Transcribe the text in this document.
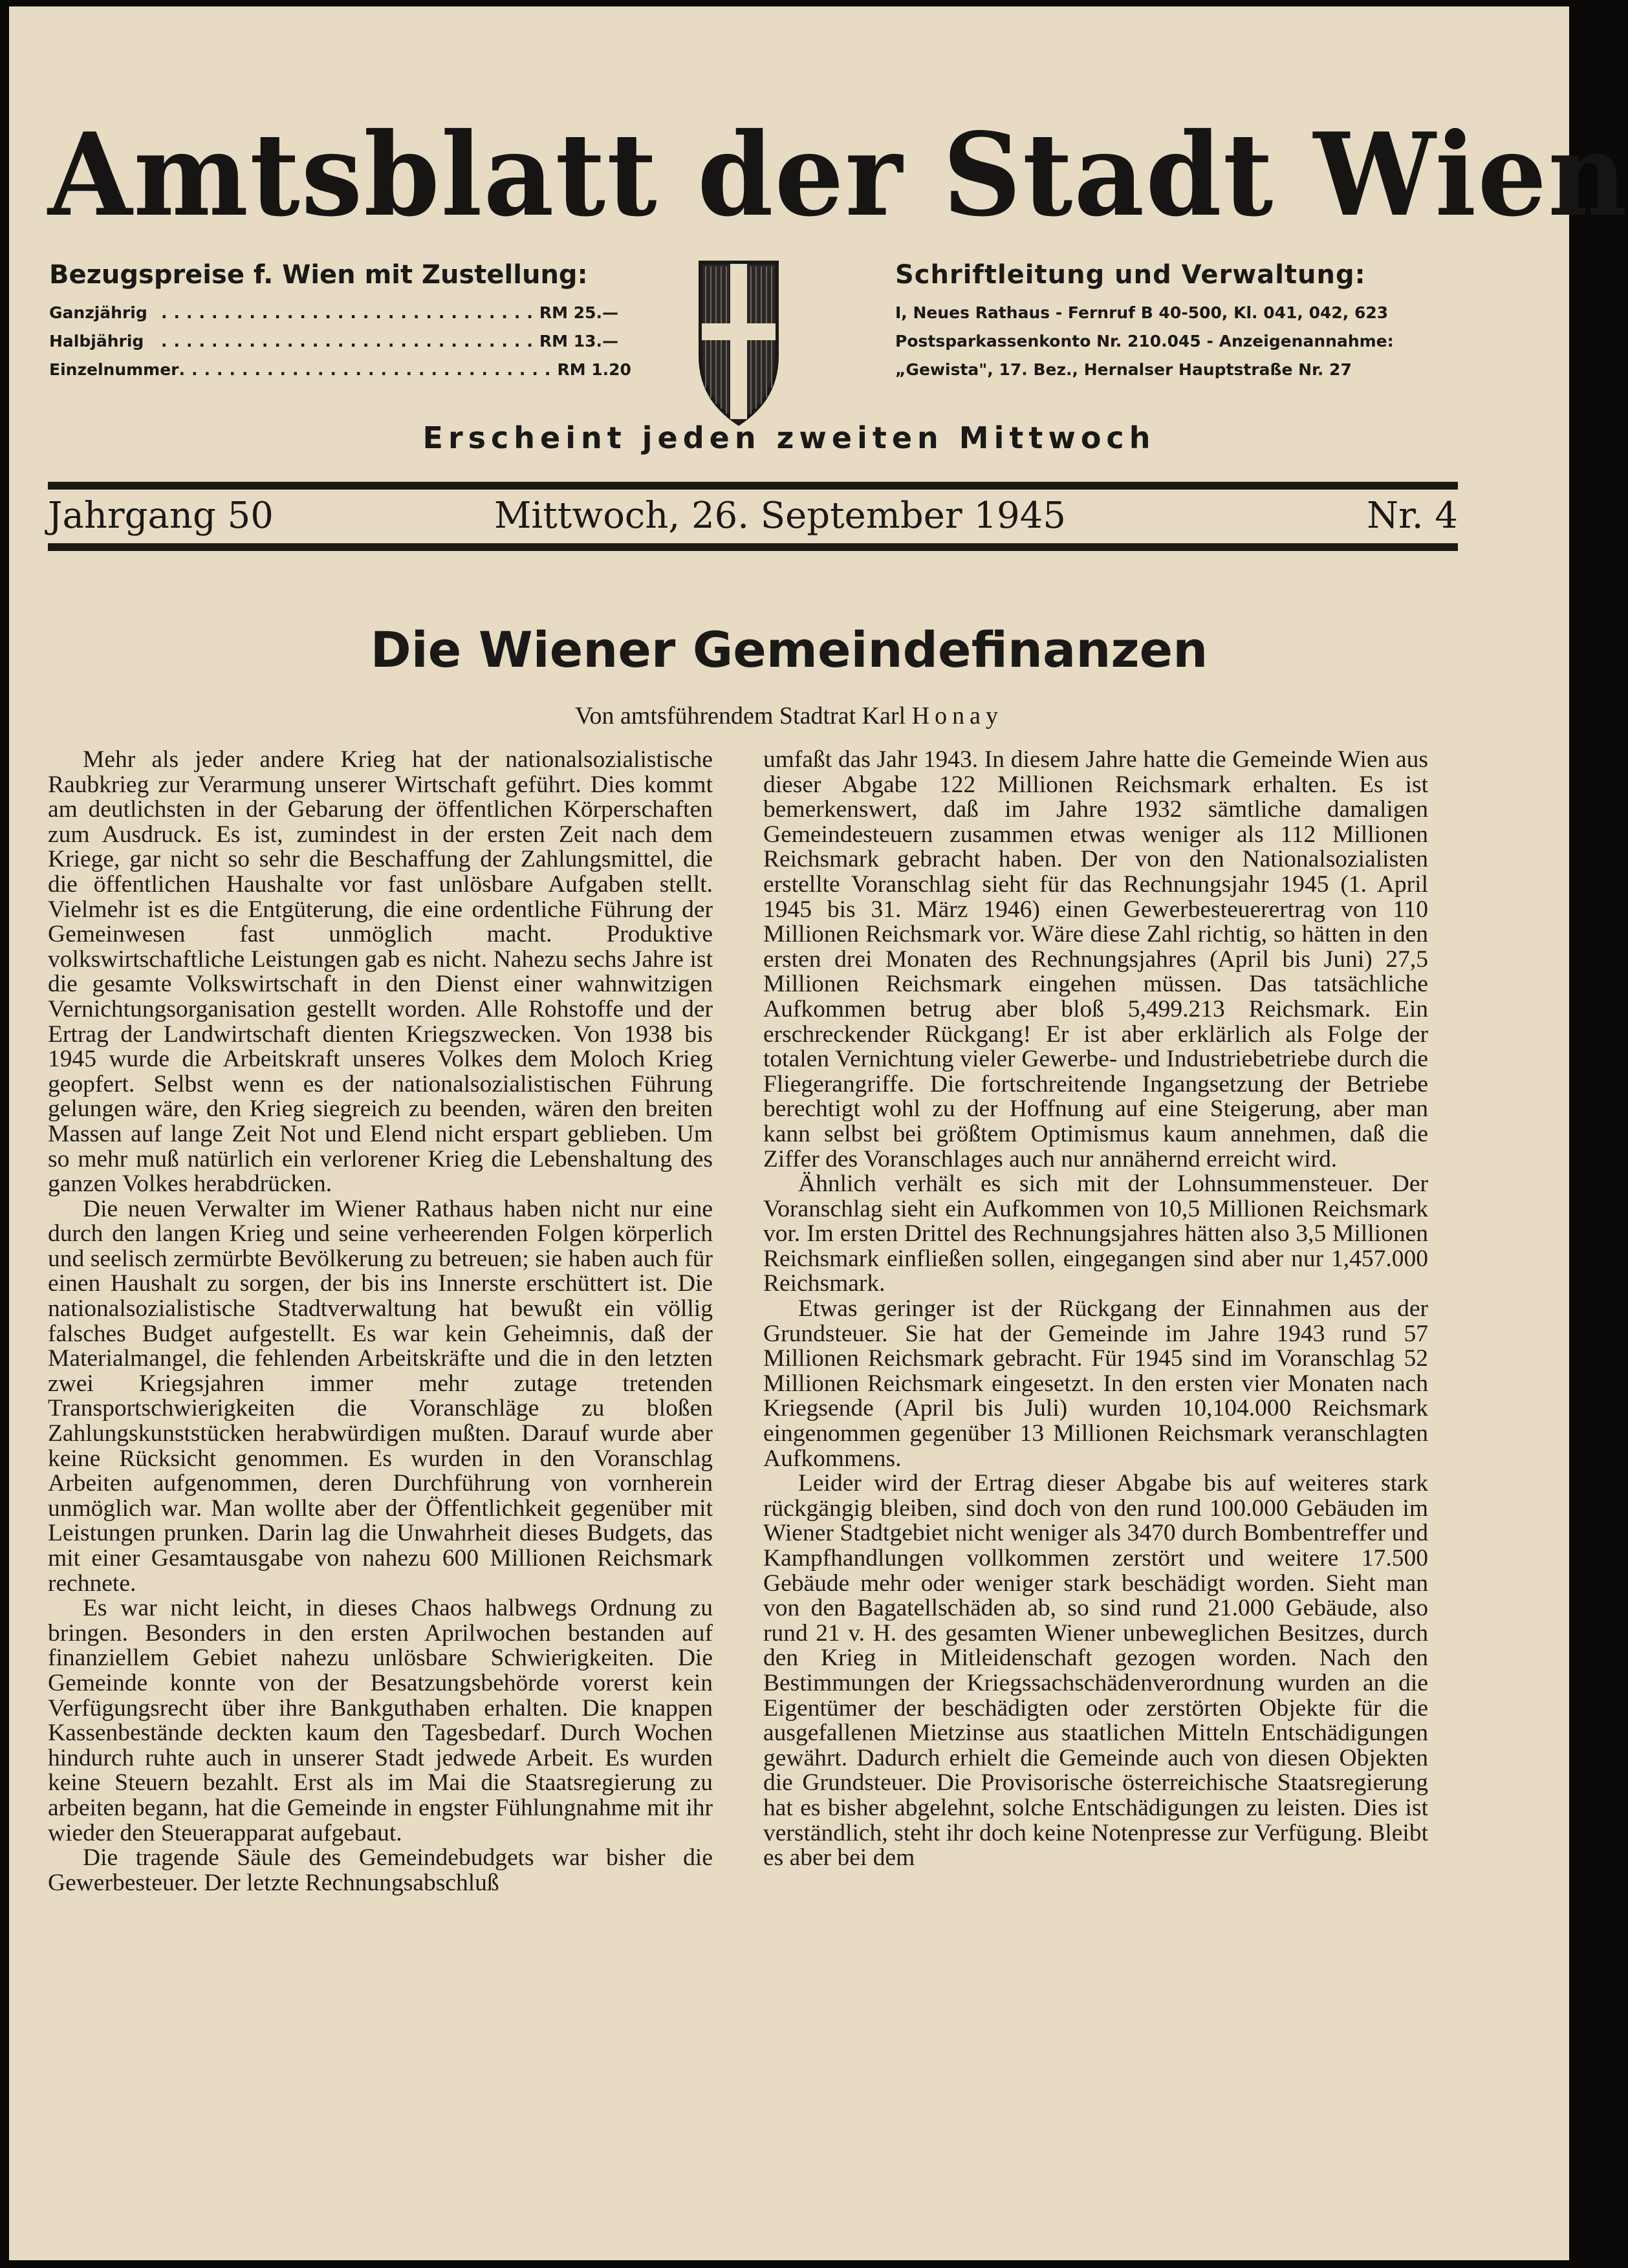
Amtsblatt der Stadt Wien
Bezugspreise f. Wien mit Zustellung:
Ganzjährig .............................. RM 25.—
Halbjährig	.............................. RM 13.—
Einzelnummer .............................. RM 1.20
Schriftleitung und Verwaltung:
I, Neues Rathaus - Fernruf B 40-500, Kl. 041, 042, 623
Postsparkassenkonto Nr. 210.045 - Anzeigenannahme:
„Gewista", 17. Bez., Hernalser Hauptstraße Nr. 27
Erscheint jeden zweiten Mittwoch
Jahrgang 50	Mittwoch, 26. September 1945	Nr. 4
Die Wiener Gemeindefinanzen
Von amtsführendem Stadtrat Karl Honay

Mehr als jeder andere Krieg hat der nationalsozialistische Raubkrieg zur Verarmung unserer Wirtschaft geführt. Dies kommt am deutlichsten in der Gebarung der öffentlichen Körperschaften zum Ausdruck. Es ist, zumindest in der ersten Zeit nach dem Kriege, gar nicht so sehr die Beschaffung der Zahlungsmittel, die die öffentlichen Haushalte vor fast unlösbare Aufgaben stellt. Vielmehr ist es die Entgüterung, die eine ordentliche Führung der Gemeinwesen fast unmöglich macht. Produktive volkswirtschaftliche Leistungen gab es nicht. Nahezu sechs Jahre ist die gesamte Volkswirtschaft in den Dienst einer wahnwitzigen Vernichtungsorganisation gestellt worden. Alle Rohstoffe und der Ertrag der Landwirtschaft dienten Kriegszwecken. Von 1938 bis 1945 wurde die Arbeitskraft unseres Volkes dem Moloch Krieg geopfert. Selbst wenn es der nationalsozialistischen Führung gelungen wäre, den Krieg siegreich zu beenden, wären den breiten Massen auf lange Zeit Not und Elend nicht erspart geblieben. Um so mehr muß natürlich ein verlorener Krieg die Lebenshaltung des ganzen Volkes herabdrücken.

Die neuen Verwalter im Wiener Rathaus haben nicht nur eine durch den langen Krieg und seine verheerenden Folgen körperlich und seelisch zermürbte Bevölkerung zu betreuen; sie haben auch für einen Haushalt zu sorgen, der bis ins Innerste erschüttert ist. Die nationalsozialistische Stadtverwaltung hat bewußt ein völlig falsches Budget aufgestellt. Es war kein Geheimnis, daß der Materialmangel, die fehlenden Arbeitskräfte und die in den letzten zwei Kriegsjahren immer mehr zutage tretenden Transportschwierigkeiten die Voranschläge zu bloßen Zahlungskunststücken herabwürdigen mußten. Darauf wurde aber keine Rücksicht genommen. Es wurden in den Voranschlag Arbeiten aufgenommen, deren Durchführung von vornherein unmöglich war. Man wollte aber der Öffentlichkeit gegenüber mit Leistungen prunken. Darin lag die Unwahrheit dieses Budgets, das mit einer Gesamtausgabe von nahezu 600 Millionen Reichsmark rechnete.

Es war nicht leicht, in dieses Chaos halbwegs Ordnung zu bringen. Besonders in den ersten Aprilwochen bestanden auf finanziellem Gebiet nahezu unlösbare Schwierigkeiten. Die Gemeinde konnte von der Besatzungsbehörde vorerst kein Verfügungsrecht über ihre Bankguthaben erhalten. Die knappen Kassenbestände deckten kaum den Tagesbedarf. Durch Wochen hindurch ruhte auch in unserer Stadt jedwede Arbeit. Es wurden keine Steuern bezahlt. Erst als im Mai die Staatsregierung zu arbeiten begann, hat die Gemeinde in engster Fühlungnahme mit ihr wieder den Steuerapparat aufgebaut.

Die tragende Säule des Gemeindebudgets war bisher die Gewerbesteuer. Der letzte Rechnungsabschluß

umfaßt das Jahr 1943. In diesem Jahre hatte die Gemeinde Wien aus dieser Abgabe 122 Millionen Reichsmark erhalten. Es ist bemerkenswert, daß im Jahre 1932 sämtliche damaligen Gemeindesteuern zusammen etwas weniger als 112 Millionen Reichsmark gebracht haben. Der von den Nationalsozialisten erstellte Voranschlag sieht für das Rechnungsjahr 1945 (1. April 1945 bis 31. März 1946) einen Gewerbesteuerertrag von 110 Millionen Reichsmark vor. Wäre diese Zahl richtig, so hätten in den ersten drei Monaten des Rechnungsjahres (April bis Juni) 27,5 Millionen Reichsmark eingehen müssen. Das tatsächliche Aufkommen betrug aber bloß 5,499.213 Reichsmark. Ein erschreckender Rückgang! Er ist aber erklärlich als Folge der totalen Vernichtung vieler Gewerbe- und Industriebetriebe durch die Fliegerangriffe. Die fortschreitende Ingangsetzung der Betriebe berechtigt wohl zu der Hoffnung auf eine Steigerung, aber man kann selbst bei größtem Optimismus kaum annehmen, daß die Ziffer des Voranschlages auch nur annähernd erreicht wird.

Ähnlich verhält es sich mit der Lohnsummensteuer. Der Voranschlag sieht ein Aufkommen von 10,5 Millionen Reichsmark vor. Im ersten Drittel des Rechnungsjahres hätten also 3,5 Millionen Reichsmark einfließen sollen, eingegangen sind aber nur 1,457.000 Reichsmark.

Etwas geringer ist der Rückgang der Einnahmen aus der Grundsteuer. Sie hat der Gemeinde im Jahre 1943 rund 57 Millionen Reichsmark gebracht. Für 1945 sind im Voranschlag 52 Millionen Reichsmark eingesetzt. In den ersten vier Monaten nach Kriegsende (April bis Juli) wurden 10,104.000 Reichsmark eingenommen gegenüber 13 Millionen Reichsmark veranschlagten Aufkommens.

Leider wird der Ertrag dieser Abgabe bis auf weiteres stark rückgängig bleiben, sind doch von den rund 100.000 Gebäuden im Wiener Stadtgebiet nicht weniger als 3470 durch Bombentreffer und Kampfhandlungen vollkommen zerstört und weitere 17.500 Gebäude mehr oder weniger stark beschädigt worden. Sieht man von den Bagatellschäden ab, so sind rund 21.000 Gebäude, also rund 21 v. H. des gesamten Wiener unbeweglichen Besitzes, durch den Krieg in Mitleidenschaft gezogen worden. Nach den Bestimmungen der Kriegssachschädenverordnung wurden an die Eigentümer der beschädigten oder zerstörten Objekte für die ausgefallenen Mietzinse aus staatlichen Mitteln Entschädigungen gewährt. Dadurch erhielt die Gemeinde auch von diesen Objekten die Grundsteuer. Die Provisorische österreichische Staatsregierung hat es bisher abgelehnt, solche Entschädigungen zu leisten. Dies ist verständlich, steht ihr doch keine Notenpresse zur Verfügung. Bleibt es aber bei dem
